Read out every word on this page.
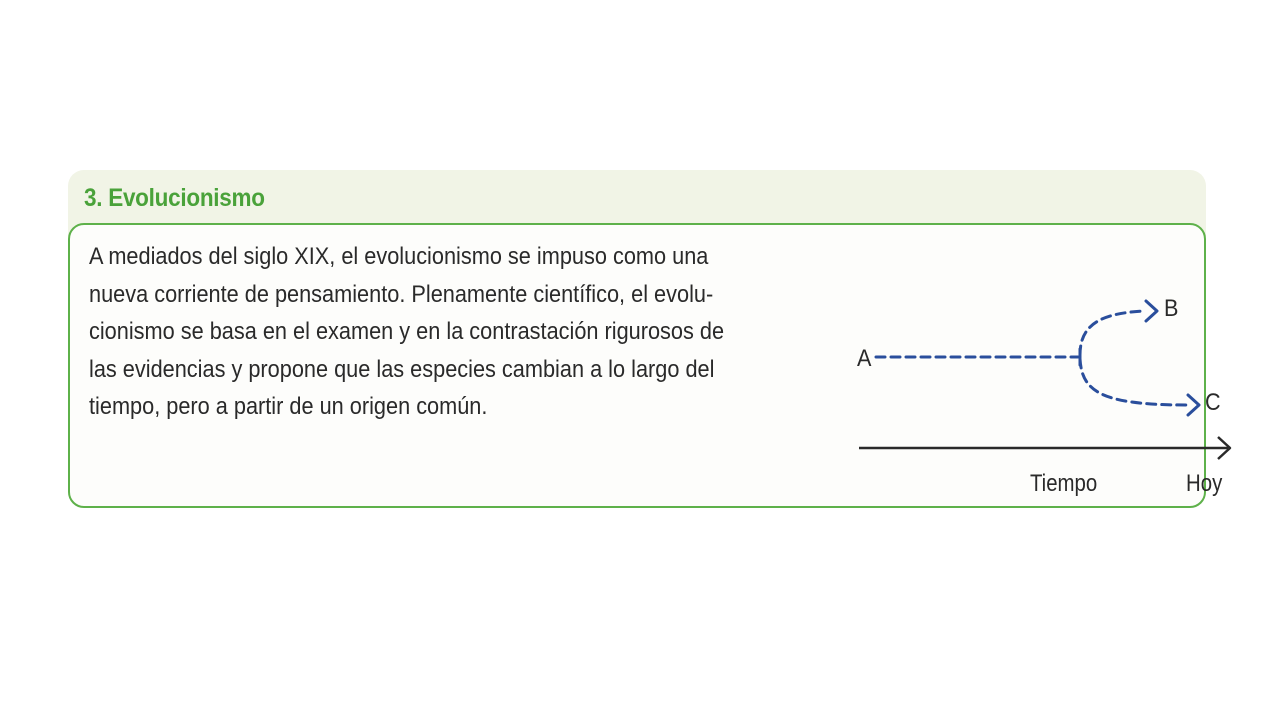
3. Evolucionismo

A mediados del siglo XIX, el evolucionismo se impuso como una
nueva corriente de pensamiento. Plenamente científico, el evolu-
cionismo se basa en el examen y en la contrastación rigurosos de
las evidencias y propone que las especies cambian a lo largo del
tiempo, pero a partir de un origen común.

A
B
C
Tiempo	Hoy
